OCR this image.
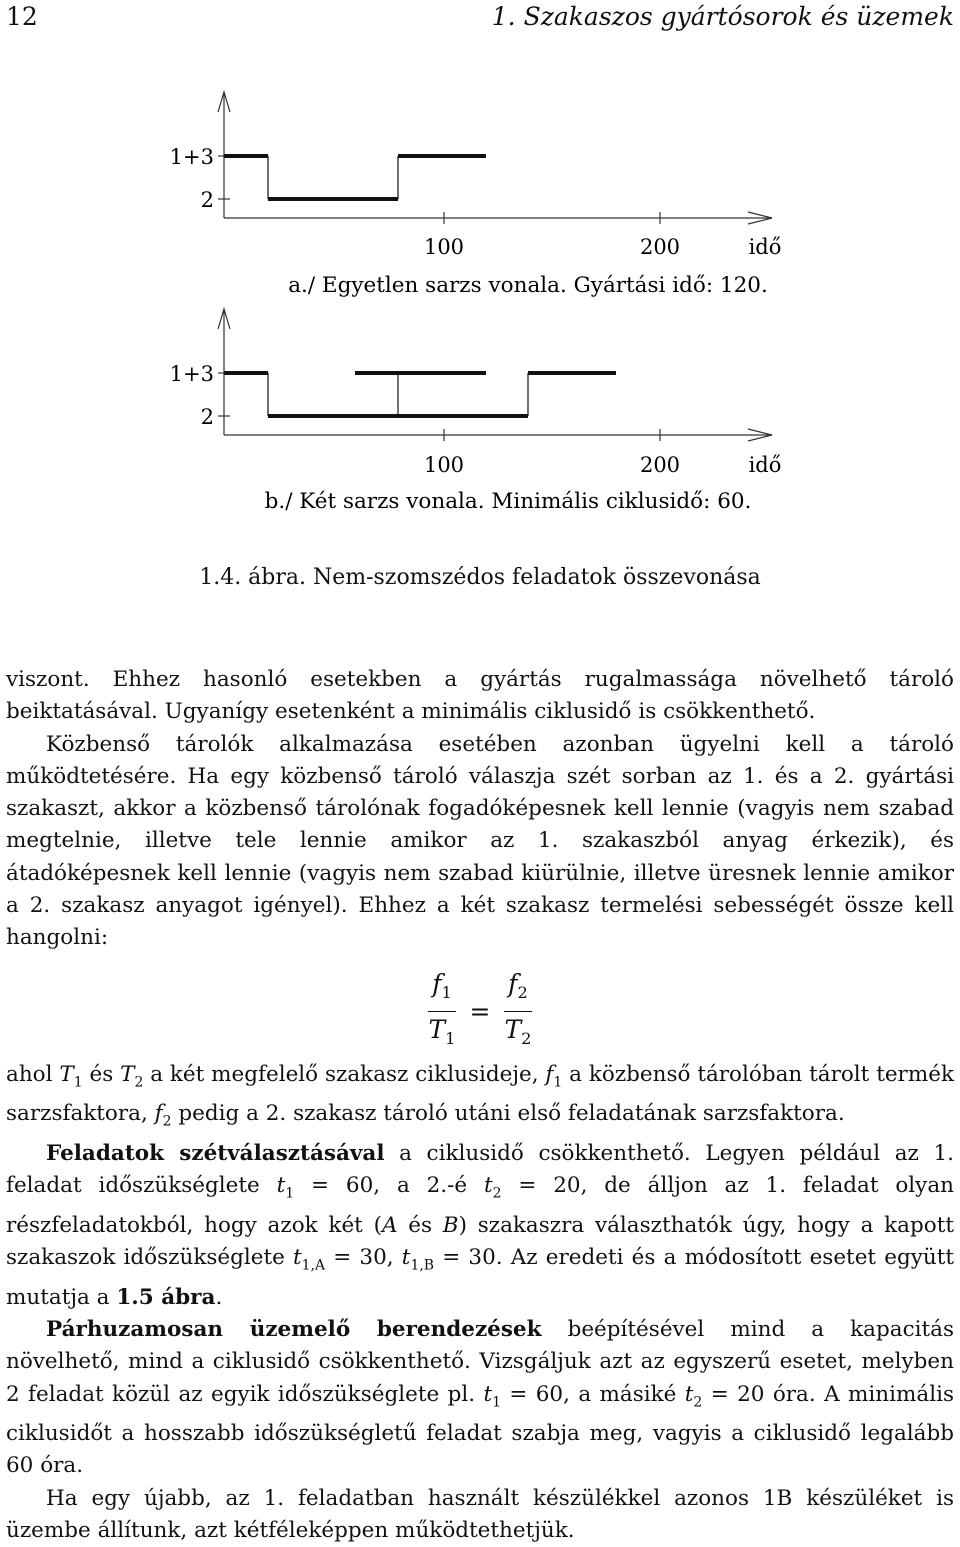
12	1. Szakaszos gyártósorok és üzemek
1+3
2
100	200	idő
a./ Egyetlen sarzs vonala. Gyártási idő: 120.
1+3
2
100	200	idő
b./ Két sarzs vonala. Minimális ciklusidő: 60.
1.4. ábra. Nem-szomszédos feladatok összevonása

viszont. Ehhez hasonló esetekben a gyártás rugalmassága növelhető tároló beiktatásával. Ugyanígy esetenként a minimális ciklusidő is csökkenthető.

Közbenső tárolók alkalmazása esetében azonban ügyelni kell a tároló működtetésére. Ha egy közbenső tároló válaszja szét sorban az 1. és a 2. gyártási szakaszt, akkor a közbenső tárolónak fogadóképesnek kell lennie (vagyis nem szabad megtelnie, illetve tele lennie amikor az 1. szakaszból anyag érkezik), és átadóképesnek kell lennie (vagyis nem szabad kiürülnie, illetve üresnek lennie amikor a 2. szakasz anyagot igényel). Ehhez a két szakasz termelési sebességét össze kell hangolni:

$\frac{f_1}{T_1} = \frac{f_2}{T_2}$

ahol $T_1$ és $T_2$ a két megfelelő szakasz ciklusideje, $f_1$ a közbenső tárolóban tárolt termék sarzsfaktora, $f_2$ pedig a 2. szakasz tároló utáni első feladatának sarzsfaktora.

Feladatok szétválasztásával a ciklusidő csökkenthető. Legyen például az 1. feladat időszükséglete $t_1 = 60$, a 2.-é $t_2 = 20$, de álljon az 1. feladat olyan részfeladatokból, hogy azok két (A és B) szakaszra választhatók úgy, hogy a kapott szakaszok időszükséglete $t_{1,A} = 30$, $t_{1,B} = 30$. Az eredeti és a módosított esetet együtt mutatja a 1.5 ábra.

Párhuzamosan üzemelő berendezések beépítésével mind a kapacitás növelhető, mind a ciklusidő csökkenthető. Vizsgáljuk azt az egyszerű esetet, melyben 2 feladat közül az egyik időszükséglete pl. $t_1 = 60$, a másiké $t_2 = 20$ óra. A minimális ciklusidőt a hosszabb időszükségletű feladat szabja meg, vagyis a ciklusidő legalább 60 óra.

Ha egy újabb, az 1. feladatban használt készülékkel azonos 1B készüléket is üzembe állítunk, azt kétféleképpen működtethetjük.
